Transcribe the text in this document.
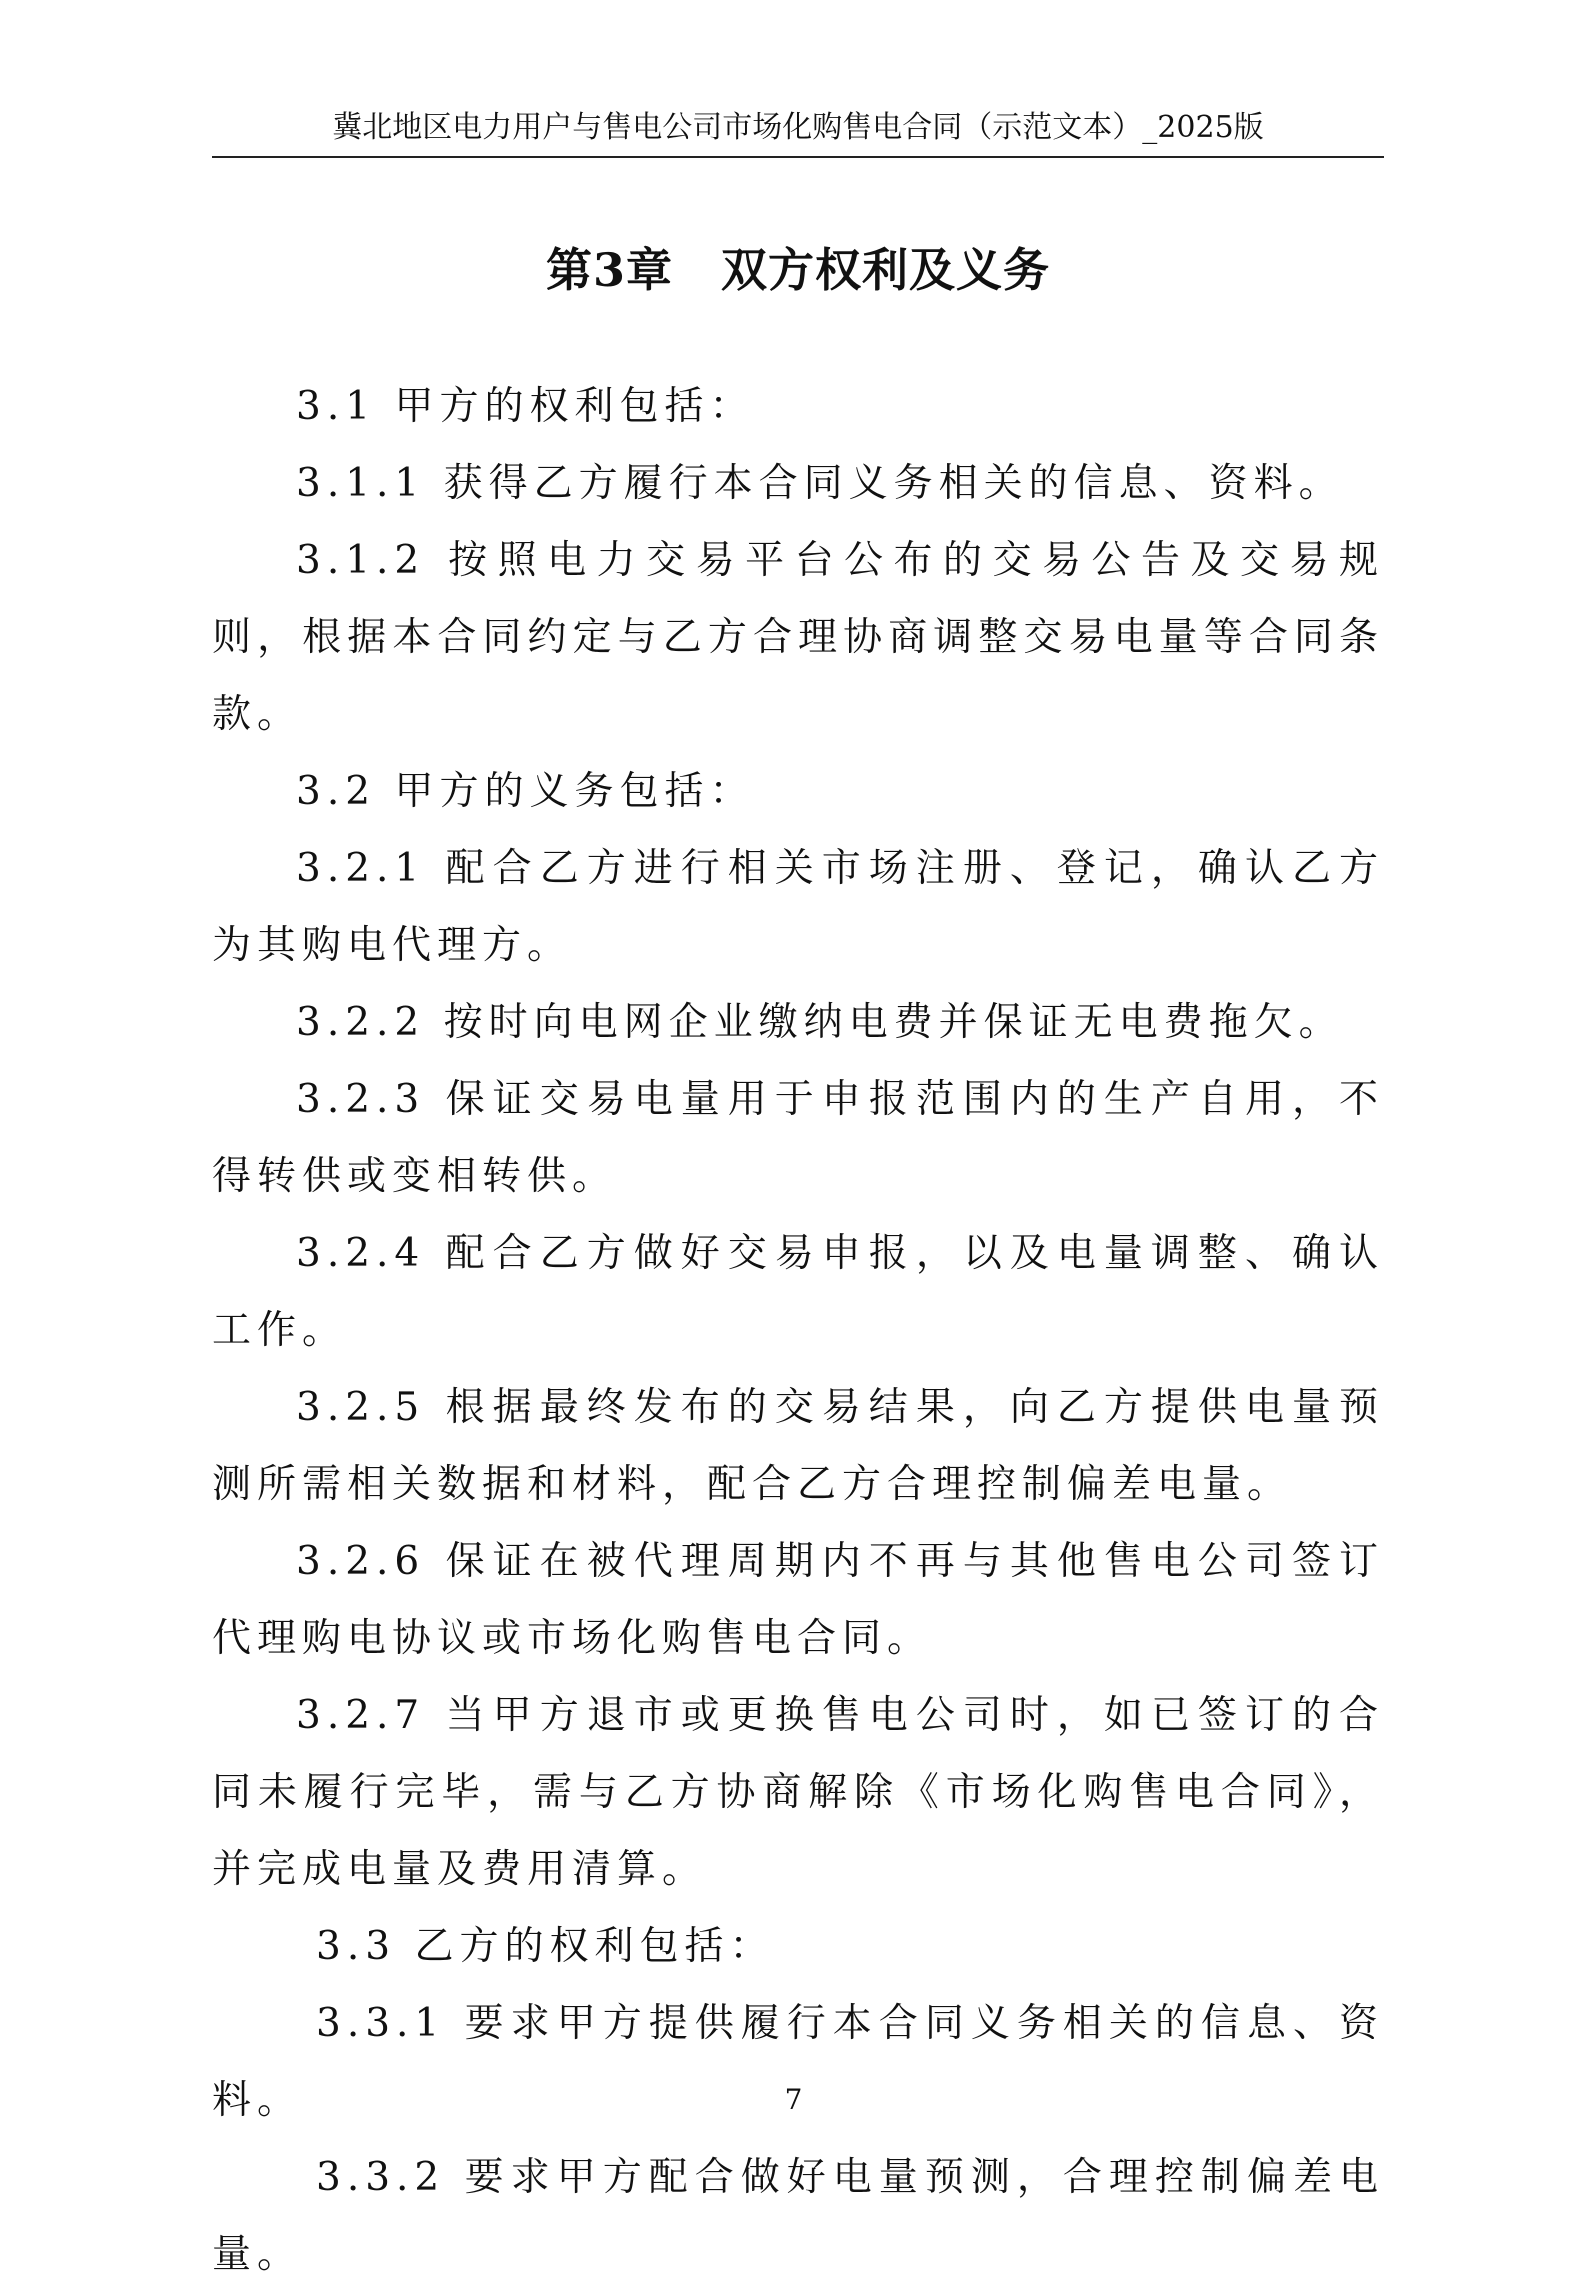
冀北地区电力用户与售电公司市场化购售电合同（示范文本）_2025版
第3章 双方权利及义务

3.1 甲方的权利包括：

3.1.1 获得乙方履行本合同义务相关的信息、资料。

3.1.2 按照电力交易平台公布的交易公告及交易规则，根据本合同约定与乙方合理协商调整交易电量等合同条款。

3.2 甲方的义务包括：

3.2.1 配合乙方进行相关市场注册、登记，确认乙方为其购电代理方。

3.2.2 按时向电网企业缴纳电费并保证无电费拖欠。

3.2.3 保证交易电量用于申报范围内的生产自用，不得转供或变相转供。

3.2.4 配合乙方做好交易申报，以及电量调整、确认工作。

3.2.5 根据最终发布的交易结果，向乙方提供电量预测所需相关数据和材料，配合乙方合理控制偏差电量。

3.2.6 保证在被代理周期内不再与其他售电公司签订代理购电协议或市场化购售电合同。

3.2.7 当甲方退市或更换售电公司时，如已签订的合同未履行完毕，需与乙方协商解除《市场化购售电合同》，并完成电量及费用清算。

3.3 乙方的权利包括：

3.3.1 要求甲方提供履行本合同义务相关的信息、资料。

3.3.2 要求甲方配合做好电量预测，合理控制偏差电量。

7
